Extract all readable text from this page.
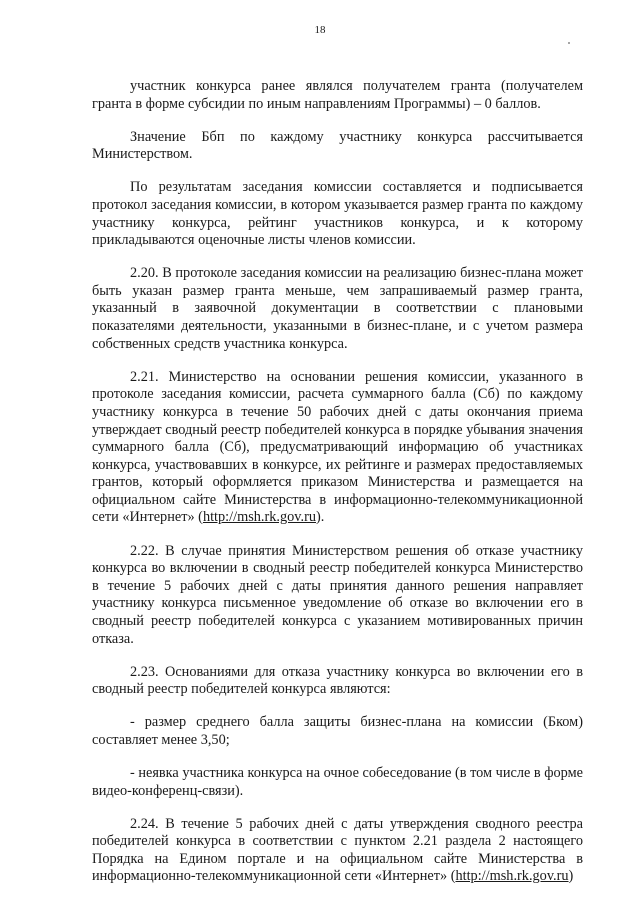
18

участник конкурса ранее являлся получателем гранта (получателем гранта в форме субсидии по иным направлениям Программы) – 0 баллов.

Значение Ббп по каждому участнику конкурса рассчитывается Министерством.

По результатам заседания комиссии составляется и подписывается протокол заседания комиссии, в котором указывается размер гранта по каждому участнику конкурса, рейтинг участников конкурса, и к которому прикладываются оценочные листы членов комиссии.

2.20. В протоколе заседания комиссии на реализацию бизнес-плана может быть указан размер гранта меньше, чем запрашиваемый размер гранта, указанный в заявочной документации в соответствии с плановыми показателями деятельности, указанными в бизнес-плане, и с учетом размера собственных средств участника конкурса.

2.21. Министерство на основании решения комиссии, указанного в протоколе заседания комиссии, расчета суммарного балла (Сб) по каждому участнику конкурса в течение 50 рабочих дней с даты окончания приема утверждает сводный реестр победителей конкурса в порядке убывания значения суммарного балла (Сб), предусматривающий информацию об участниках конкурса, участвовавших в конкурсе, их рейтинге и размерах предоставляемых грантов, который оформляется приказом Министерства и размещается на официальном сайте Министерства в информационно-телекоммуникационной сети «Интернет» (http://msh.rk.gov.ru).

2.22. В случае принятия Министерством решения об отказе участнику конкурса во включении в сводный реестр победителей конкурса Министерство в течение 5 рабочих дней с даты принятия данного решения направляет участнику конкурса письменное уведомление об отказе во включении его в сводный реестр победителей конкурса с указанием мотивированных причин отказа.

2.23. Основаниями для отказа участнику конкурса во включении его в сводный реестр победителей конкурса являются:

- размер среднего балла защиты бизнес-плана на комиссии (Бком) составляет менее 3,50;

- неявка участника конкурса на очное собеседование (в том числе в форме видео-конференц-связи).

2.24. В течение 5 рабочих дней с даты утверждения сводного реестра победителей конкурса в соответствии с пунктом 2.21 раздела 2 настоящего Порядка на Едином портале и на официальном сайте Министерства в информационно-телекоммуникационной сети «Интернет» (http://msh.rk.gov.ru)
